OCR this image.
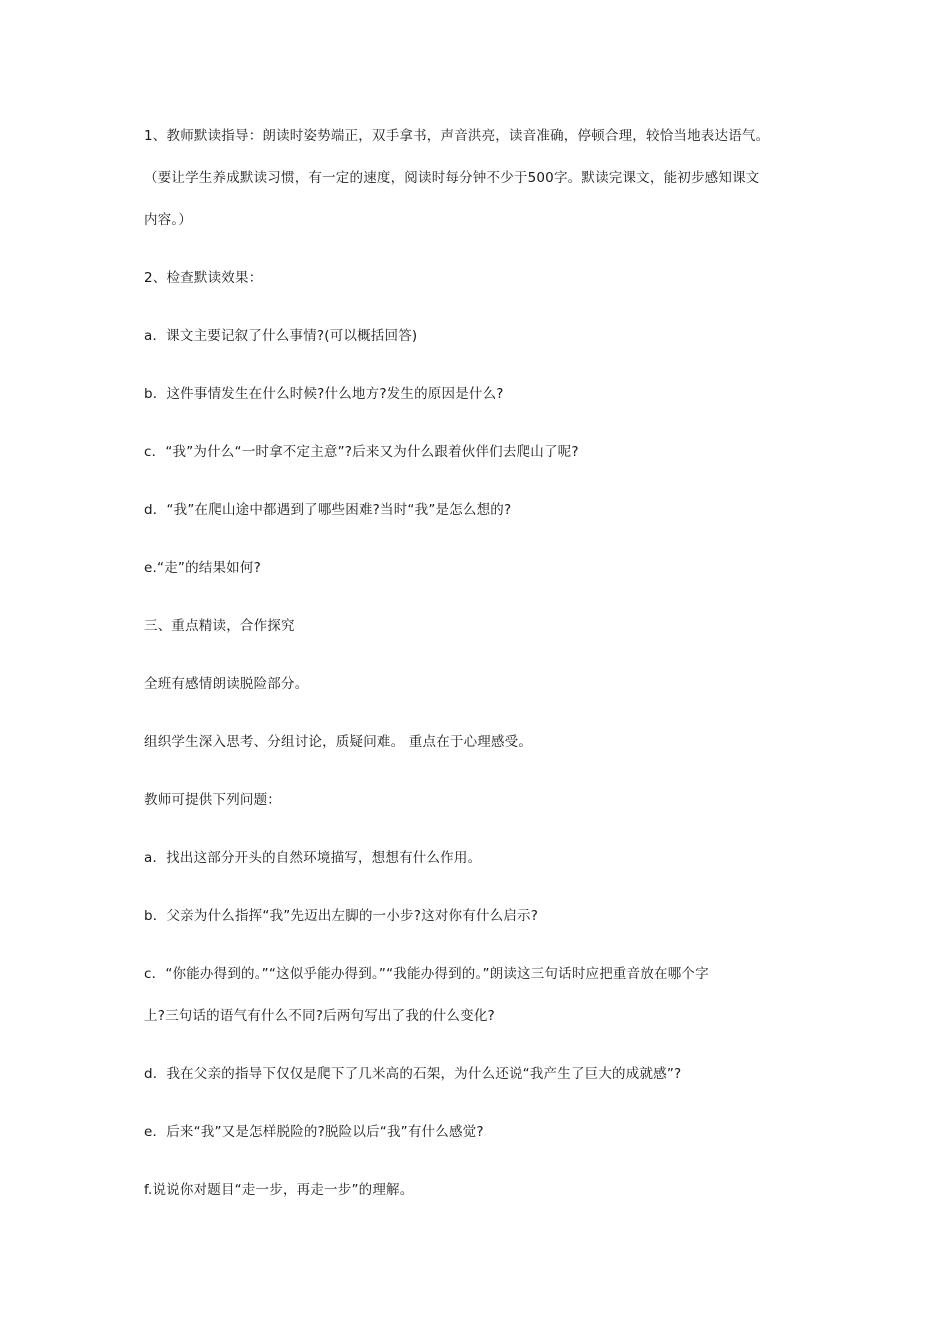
1、教师默读指导：朗读时姿势端正，双手拿书，声音洪亮，读音准确，停顿合理，较恰当地表达语气。

（要让学生养成默读习惯，有一定的速度，阅读时每分钟不少于500字。默读完课文，能初步感知课文

内容。）

2、检查默读效果：

a．课文主要记叙了什么事情?(可以概括回答)

b．这件事情发生在什么时候?什么地方?发生的原因是什么?

c．“我”为什么“一时拿不定主意”?后来又为什么跟着伙伴们去爬山了呢?

d．“我”在爬山途中都遇到了哪些困难?当时“我”是怎么想的?

e.“走”的结果如何?

三、重点精读，合作探究

全班有感情朗读脱险部分。

组织学生深入思考、分组讨论，质疑问难。 重点在于心理感受。

教师可提供下列问题：

a．找出这部分开头的自然环境描写，想想有什么作用。

b．父亲为什么指挥“我”先迈出左脚的一小步?这对你有什么启示?

c．“你能办得到的。”“这似乎能办得到。”“我能办得到的。”朗读这三句话时应把重音放在哪个字

上?三句话的语气有什么不同?后两句写出了我的什么变化?

d．我在父亲的指导下仅仅是爬下了几米高的石架，为什么还说“我产生了巨大的成就感”?

e．后来“我”又是怎样脱险的?脱险以后“我”有什么感觉?

f.说说你对题目“走一步，再走一步”的理解。
